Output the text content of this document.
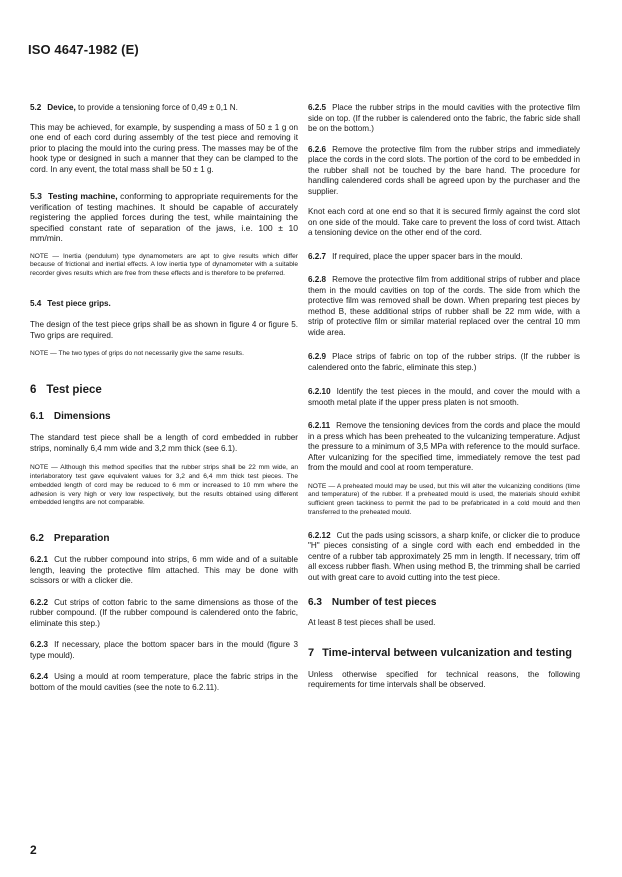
ISO 4647-1982 (E)

5.2 Device, to provide a tensioning force of 0,49 ± 0,1 N.

This may be achieved, for example, by suspending a mass of 50 ± 1 g on one end of each cord during assembly of the test piece and removing it prior to placing the mould into the curing press. The masses may be of the hook type or designed in such a manner that they can be clamped to the cord. In any event, the total mass shall be 50 ± 1 g.

5.3 Testing machine, conforming to appropriate requirements for the verification of testing machines. It should be capable of accurately registering the applied forces during the test, while maintaining the specified constant rate of separation of the jaws, i.e. 100 ± 10 mm/min.

NOTE — Inertia (pendulum) type dynamometers are apt to give results which differ because of frictional and inertial effects. A low inertia type of dynamometer with a suitable recorder gives results which are free from these effects and is therefore to be preferred.

5.4 Test piece grips.

The design of the test piece grips shall be as shown in figure 4 or figure 5. Two grips are required.

NOTE — The two types of grips do not necessarily give the same results.

6 Test piece

6.1 Dimensions

The standard test piece shall be a length of cord embedded in rubber strips, nominally 6,4 mm wide and 3,2 mm thick (see 6.1).

NOTE — Although this method specifies that the rubber strips shall be 22 mm wide, an interlaboratory test gave equivalent values for 3,2 and 6,4 mm thick test pieces. The embedded length of cord may be reduced to 6 mm or increased to 10 mm where the adhesion is very high or very low respectively, but the results obtained using different embedded lengths are not comparable.

6.2 Preparation

6.2.1 Cut the rubber compound into strips, 6 mm wide and of a suitable length, leaving the protective film attached. This may be done with scissors or with a clicker die.

6.2.2 Cut strips of cotton fabric to the same dimensions as those of the rubber compound. (If the rubber compound is calendered onto the fabric, eliminate this step.)

6.2.3 If necessary, place the bottom spacer bars in the mould (figure 3 type mould).

6.2.4 Using a mould at room temperature, place the fabric strips in the bottom of the mould cavities (see the note to 6.2.11).

6.2.5 Place the rubber strips in the mould cavities with the protective film side on top. (If the rubber is calendered onto the fabric, the fabric side shall be on the bottom.)

6.2.6 Remove the protective film from the rubber strips and immediately place the cords in the cord slots. The portion of the cord to be embedded in the rubber shall not be touched by the bare hand. The procedure for handling calendered cords shall be agreed upon by the purchaser and the supplier.

Knot each cord at one end so that it is secured firmly against the cord slot on one side of the mould. Take care to prevent the loss of cord twist. Attach a tensioning device on the other end of the cord.

6.2.7 If required, place the upper spacer bars in the mould.

6.2.8 Remove the protective film from additional strips of rubber and place them in the mould cavities on top of the cords. The side from which the protective film was removed shall be down. When preparing test pieces by method B, these additional strips of rubber shall be 22 mm wide, with a strip of protective film or similar material replaced over the central 10 mm wide area.

6.2.9 Place strips of fabric on top of the rubber strips. (If the rubber is calendered onto the fabric, eliminate this step.)

6.2.10 Identify the test pieces in the mould, and cover the mould with a smooth metal plate if the upper press platen is not smooth.

6.2.11 Remove the tensioning devices from the cords and place the mould in a press which has been preheated to the vulcanizing temperature. Adjust the pressure to a minimum of 3,5 MPa with reference to the mould surface. After vulcanizing for the specified time, immediately remove the test pad from the mould and cool at room temperature.

NOTE — A preheated mould may be used, but this will alter the vulcanizing conditions (time and temperature) of the rubber. If a preheated mould is used, the materials should exhibit sufficient green tackiness to permit the pad to be prefabricated in a cold mould and then transferred to the preheated mould.

6.2.12 Cut the pads using scissors, a sharp knife, or clicker die to produce "H" pieces consisting of a single cord with each end embedded in the centre of a rubber tab approximately 25 mm in length. If necessary, trim off all excess rubber flash. When using method B, the trimming shall be carried out with great care to avoid cutting into the test piece.

6.3 Number of test pieces

At least 8 test pieces shall be used.

7 Time-interval between vulcanization and testing

Unless otherwise specified for technical reasons, the following requirements for time intervals shall be observed.

2
